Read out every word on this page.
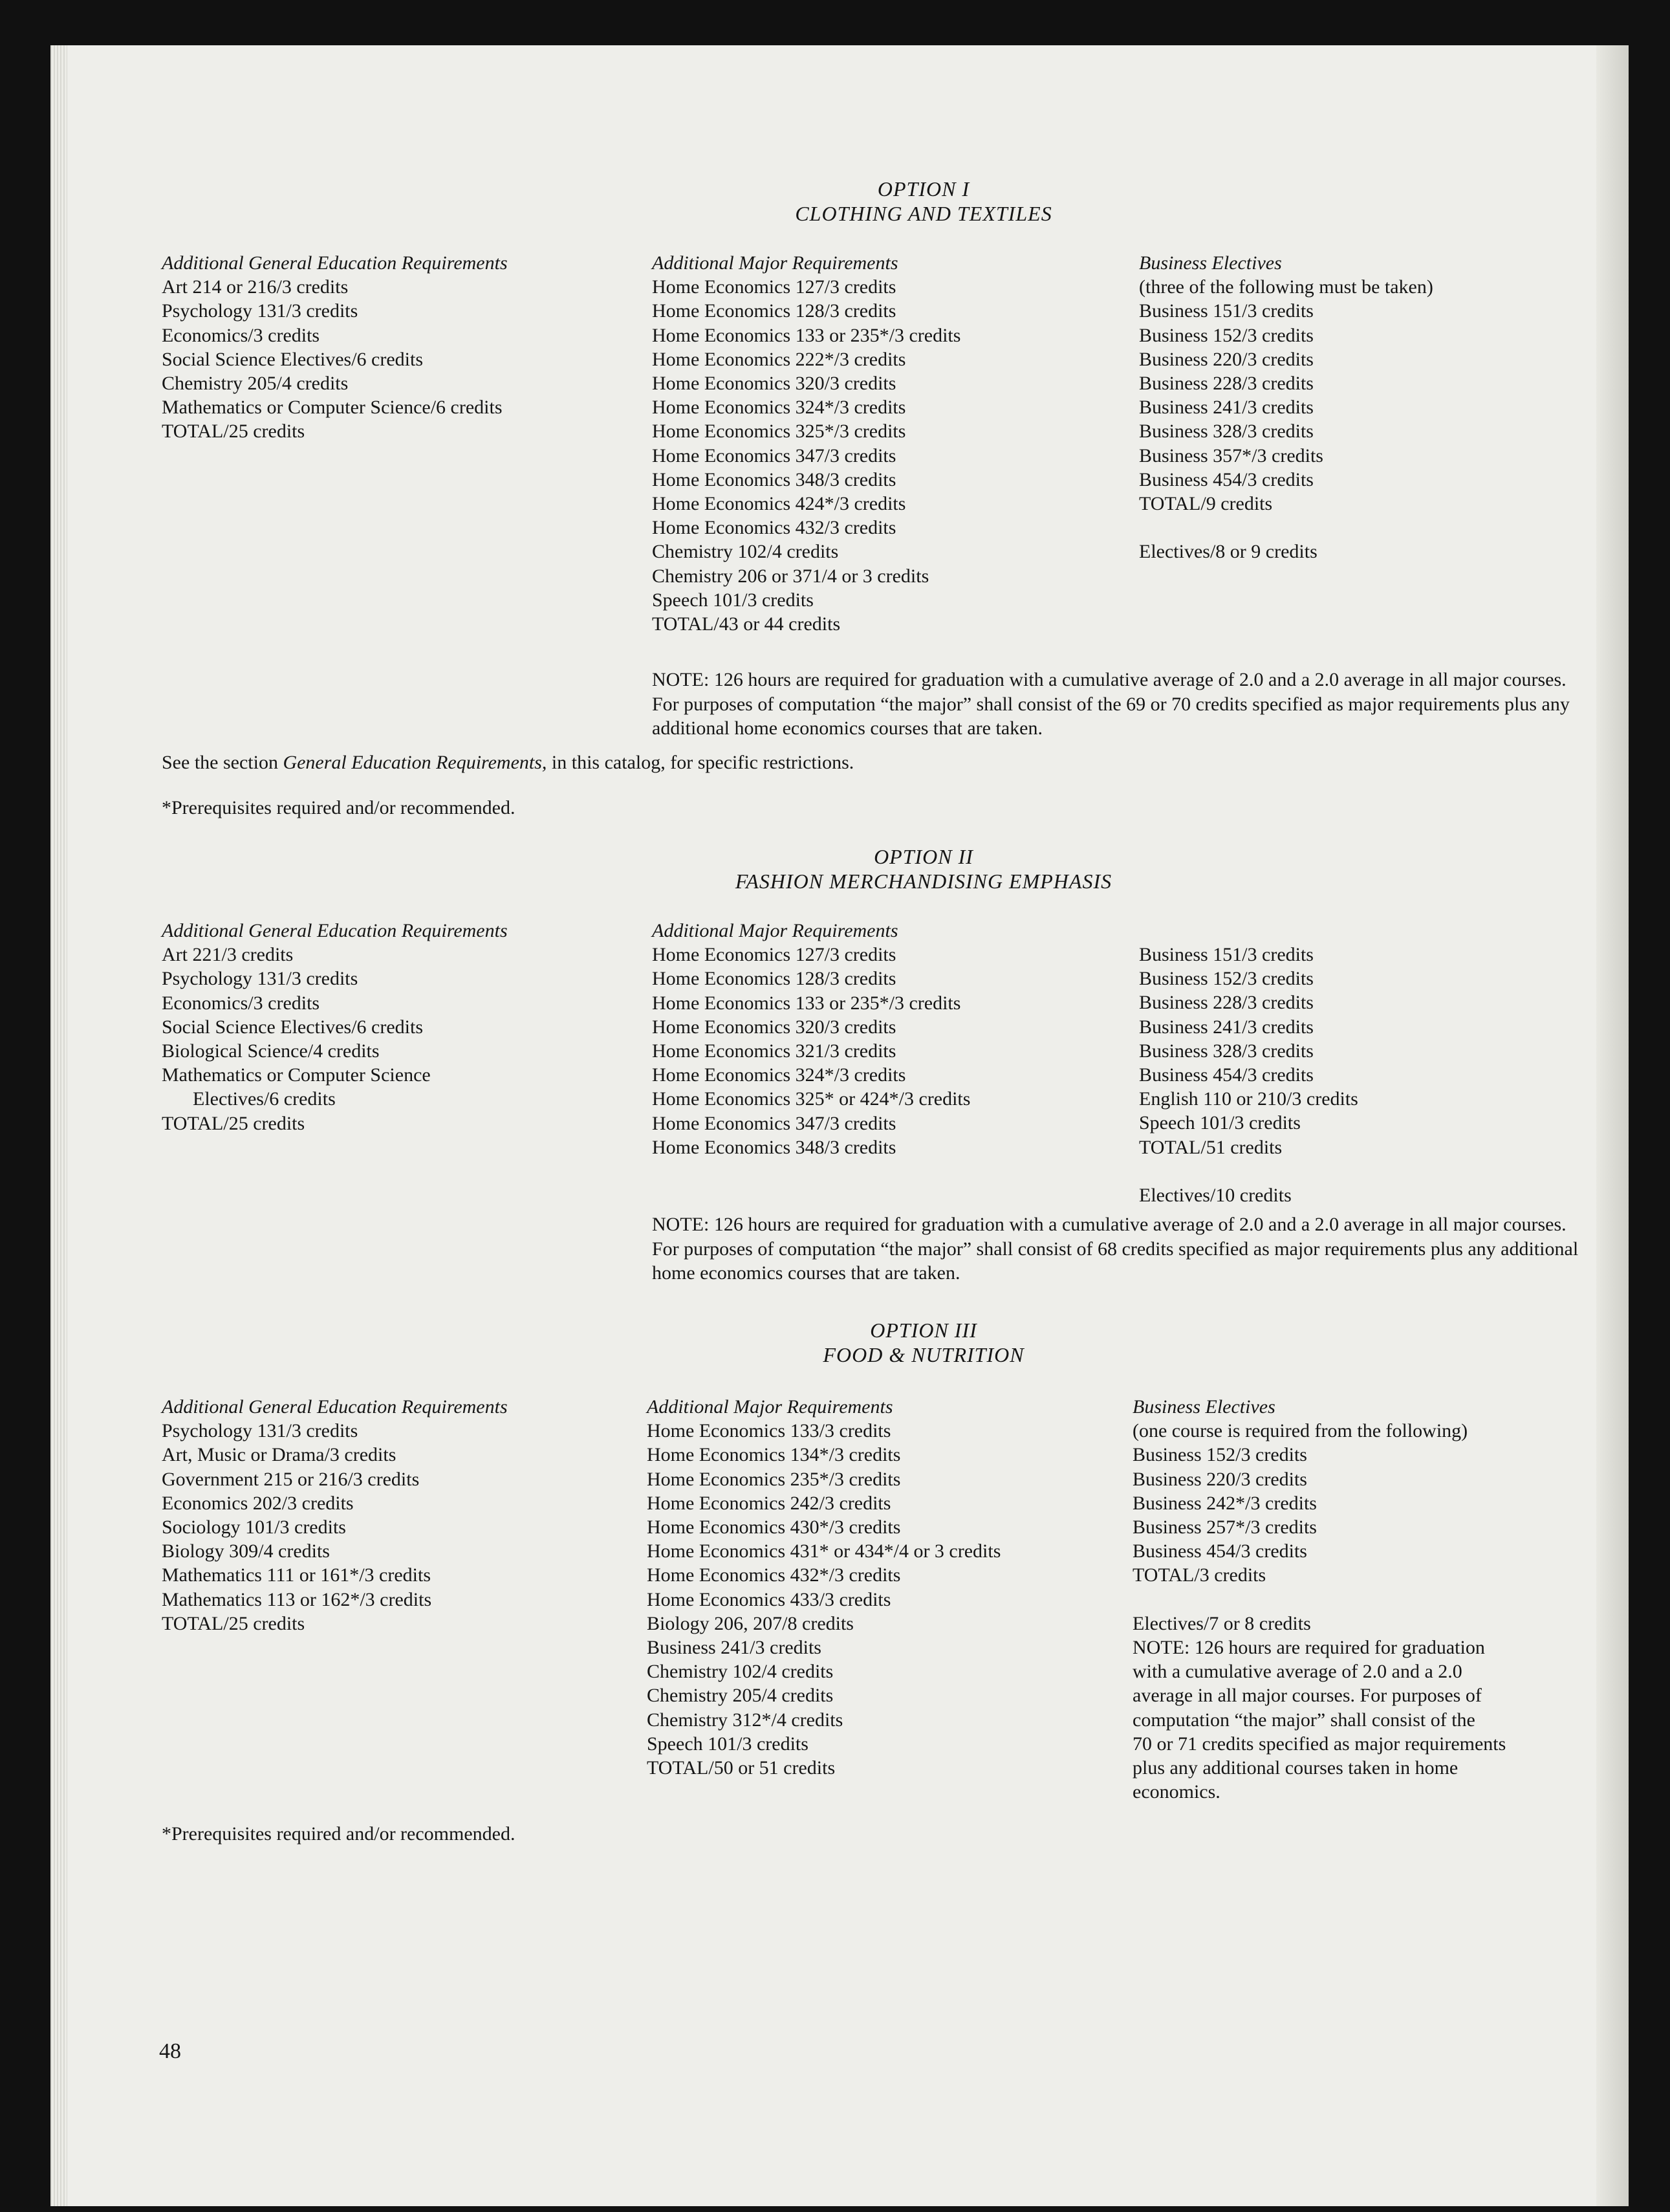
OPTION I
CLOTHING AND TEXTILES
Additional General Education Requirements
Art 214 or 216/3 credits
Psychology 131/3 credits
Economics/3 credits
Social Science Electives/6 credits
Chemistry 205/4 credits
Mathematics or Computer Science/6 credits
TOTAL/25 credits
Additional Major Requirements
Home Economics 127/3 credits
Home Economics 128/3 credits
Home Economics 133 or 235*/3 credits
Home Economics 222*/3 credits
Home Economics 320/3 credits
Home Economics 324*/3 credits
Home Economics 325*/3 credits
Home Economics 347/3 credits
Home Economics 348/3 credits
Home Economics 424*/3 credits
Home Economics 432/3 credits
Chemistry 102/4 credits
Chemistry 206 or 371/4 or 3 credits
Speech 101/3 credits
TOTAL/43 or 44 credits
Business Electives
(three of the following must be taken)
Business 151/3 credits
Business 152/3 credits
Business 220/3 credits
Business 228/3 credits
Business 241/3 credits
Business 328/3 credits
Business 357*/3 credits
Business 454/3 credits
TOTAL/9 credits

Electives/8 or 9 credits
NOTE: 126 hours are required for graduation with a cumulative average of 2.0 and a 2.0 average in all major courses. For purposes of computation “the major” shall consist of the 69 or 70 credits specified as major requirements plus any additional home economics courses that are taken.
See the section General Education Requirements, in this catalog, for specific restrictions.
*Prerequisites required and/or recommended.
OPTION II
FASHION MERCHANDISING EMPHASIS
Additional General Education Requirements
Art 221/3 credits
Psychology 131/3 credits
Economics/3 credits
Social Science Electives/6 credits
Biological Science/4 credits
Mathematics or Computer Science
Electives/6 credits
TOTAL/25 credits
Additional Major Requirements
Home Economics 127/3 credits
Home Economics 128/3 credits
Home Economics 133 or 235*/3 credits
Home Economics 320/3 credits
Home Economics 321/3 credits
Home Economics 324*/3 credits
Home Economics 325* or 424*/3 credits
Home Economics 347/3 credits
Home Economics 348/3 credits
Business 151/3 credits
Business 152/3 credits
Business 228/3 credits
Business 241/3 credits
Business 328/3 credits
Business 454/3 credits
English 110 or 210/3 credits
Speech 101/3 credits
TOTAL/51 credits

Electives/10 credits
NOTE: 126 hours are required for graduation with a cumulative average of 2.0 and a 2.0 average in all major courses. For purposes of computation “the major” shall consist of 68 credits specified as major requirements plus any additional home economics courses that are taken.
OPTION III
FOOD & NUTRITION
Additional General Education Requirements
Psychology 131/3 credits
Art, Music or Drama/3 credits
Government 215 or 216/3 credits
Economics 202/3 credits
Sociology 101/3 credits
Biology 309/4 credits
Mathematics 111 or 161*/3 credits
Mathematics 113 or 162*/3 credits
TOTAL/25 credits
Additional Major Requirements
Home Economics 133/3 credits
Home Economics 134*/3 credits
Home Economics 235*/3 credits
Home Economics 242/3 credits
Home Economics 430*/3 credits
Home Economics 431* or 434*/4 or 3 credits
Home Economics 432*/3 credits
Home Economics 433/3 credits
Biology 206, 207/8 credits
Business 241/3 credits
Chemistry 102/4 credits
Chemistry 205/4 credits
Chemistry 312*/4 credits
Speech 101/3 credits
TOTAL/50 or 51 credits
Business Electives
(one course is required from the following)
Business 152/3 credits
Business 220/3 credits
Business 242*/3 credits
Business 257*/3 credits
Business 454/3 credits
TOTAL/3 credits

Electives/7 or 8 credits
NOTE: 126 hours are required for graduation
with a cumulative average of 2.0 and a 2.0
average in all major courses. For purposes of
computation “the major” shall consist of the
70 or 71 credits specified as major requirements
plus any additional courses taken in home
economics.
*Prerequisites required and/or recommended.
48
